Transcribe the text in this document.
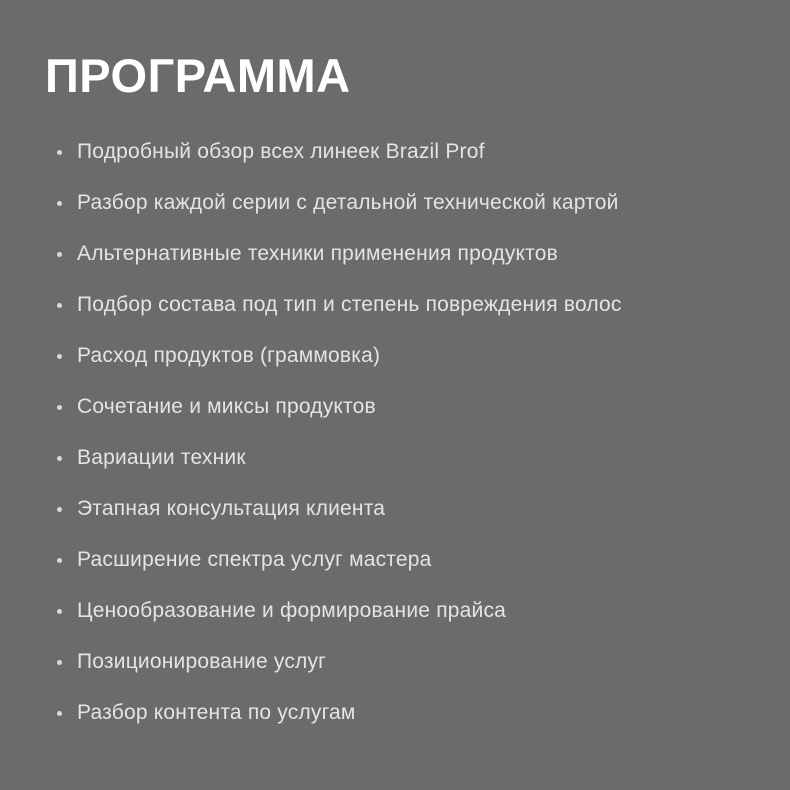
ПРОГРАММА
Подробный обзор всех линеек Brazil Prof
Разбор каждой серии с детальной технической картой
Альтернативные техники применения продуктов
Подбор состава под тип и степень повреждения волос
Расход продуктов (граммовка)
Сочетание и миксы продуктов
Вариации техник
Этапная консультация клиента
Расширение спектра услуг мастера
Ценообразование и формирование прайса
Позиционирование услуг
Разбор контента по услугам
